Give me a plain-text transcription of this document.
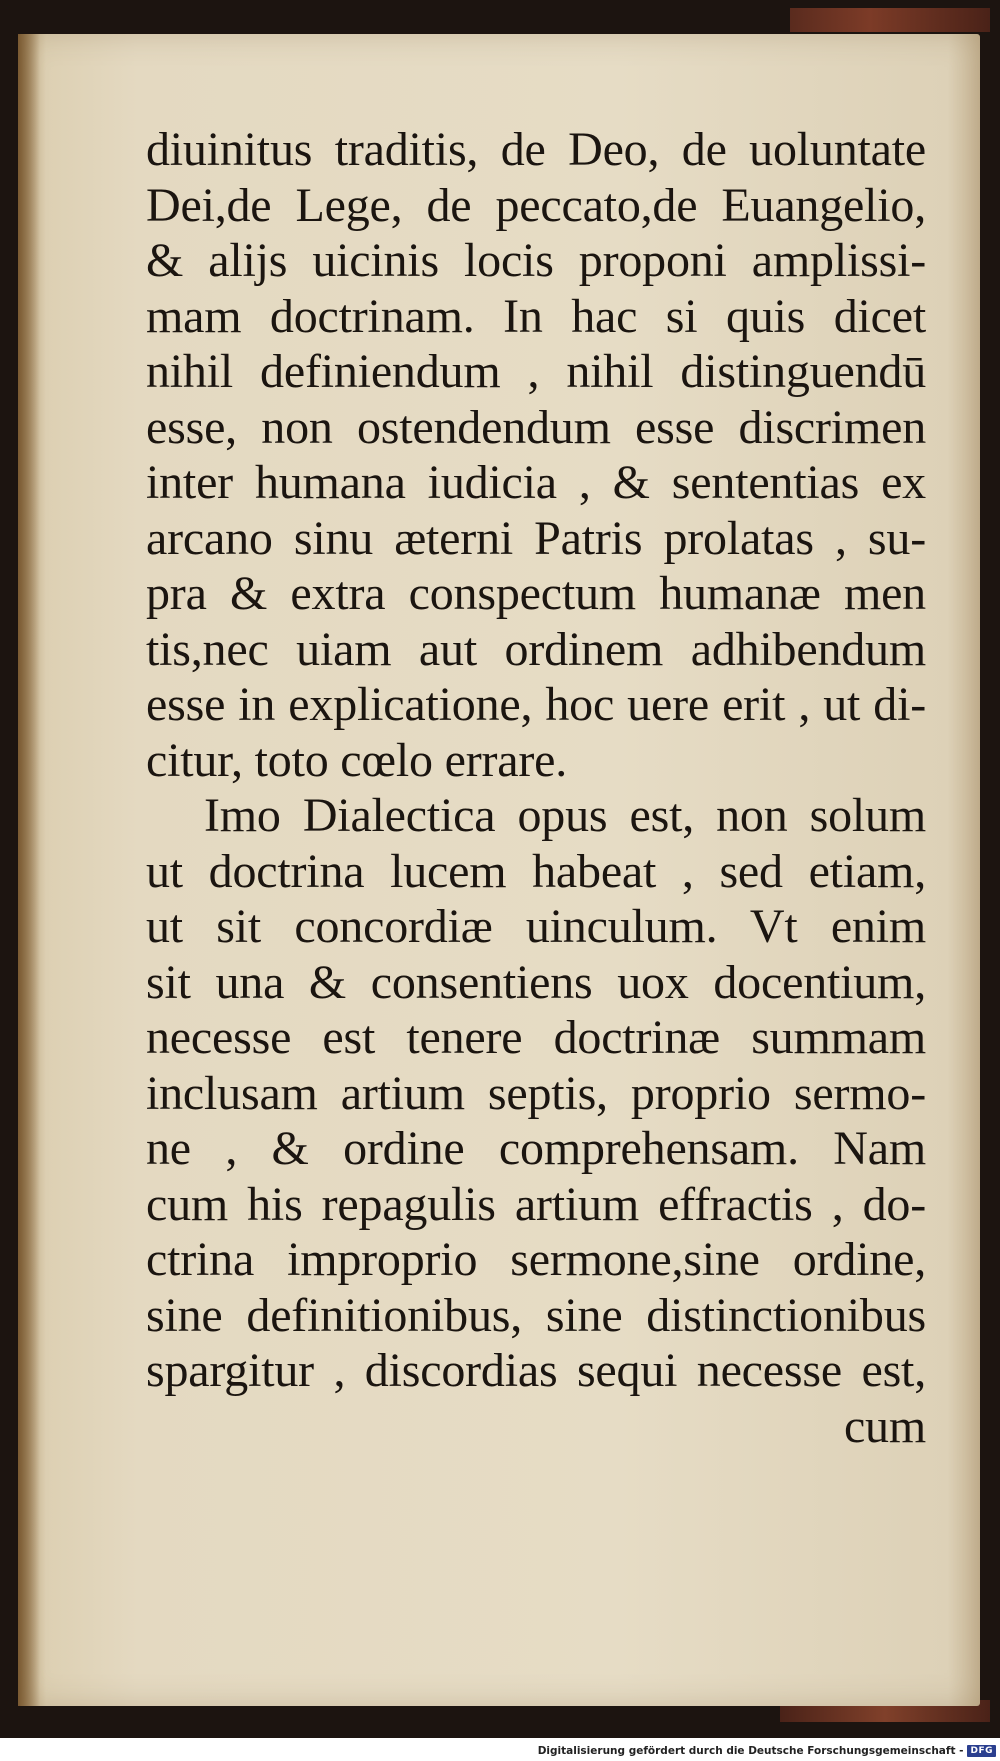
diuinitus traditis, de Deo, de uoluntate
Dei,de Lege, de peccato,de Euangelio,
& alijs uicinis locis proponi amplissi-
mam doctrinam. In hac si quis dicet
nihil definiendum , nihil distinguendū
esse, non ostendendum esse discrimen
inter humana iudicia , & sententias ex
arcano sinu æterni Patris prolatas , su-
pra & extra conspectum humanæ men
tis,nec uiam aut ordinem adhibendum
esse in explicatione, hoc uere erit , ut di-
citur, toto cœlo errare.
Imo Dialectica opus est, non solum
ut doctrina lucem habeat , sed etiam,
ut sit concordiæ uinculum. Vt enim
sit una & consentiens uox docentium,
necesse est tenere doctrinæ summam
inclusam artium septis, proprio sermo-
ne , & ordine comprehensam. Nam
cum his repagulis artium effractis , do-
ctrina improprio sermone,sine ordine,
sine definitionibus, sine distinctionibus
spargitur , discordias sequi necesse est,
cum
Digitalisierung gefördert durch die Deutsche Forschungsgemeinschaft - DFG
